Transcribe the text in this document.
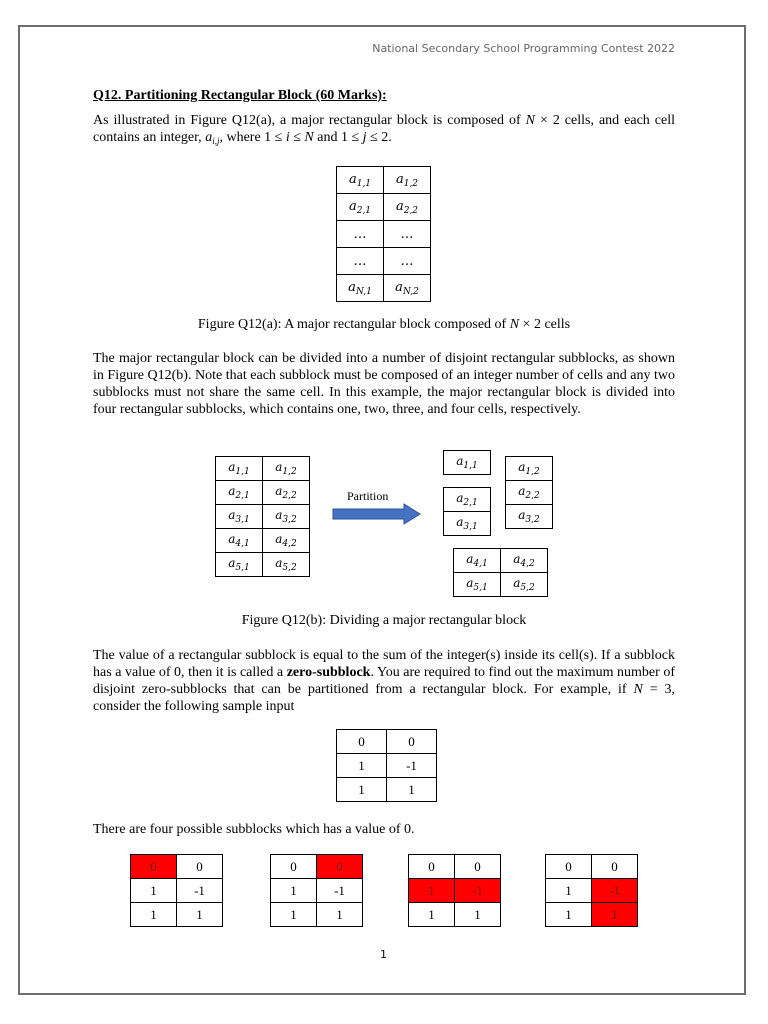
National Secondary School Programming Contest 2022
Q12. Partitioning Rectangular Block (60 Marks):
As illustrated in Figure Q12(a), a major rectangular block is composed of N × 2 cells, and each cell contains an integer, $a_{i,j}$, where 1 ≤ i ≤ N and 1 ≤ j ≤ 2.
$a_{1,1}$	$a_{1,2}$
$a_{2,1}$	$a_{2,2}$
…	…
…	…
$a_{N,1}$	$a_{N,2}$
Figure Q12(a): A major rectangular block composed of N × 2 cells
The major rectangular block can be divided into a number of disjoint rectangular subblocks, as shown in Figure Q12(b). Note that each subblock must be composed of an integer number of cells and any two subblocks must not share the same cell. In this example, the major rectangular block is divided into four rectangular subblocks, which contains one, two, three, and four cells, respectively.
$a_{1,1}$	$a_{1,2}$
$a_{2,1}$	$a_{2,2}$
$a_{3,1}$	$a_{3,2}$
$a_{4,1}$	$a_{4,2}$
$a_{5,1}$	$a_{5,2}$
Partition
$a_{1,1}$
$a_{2,1}$
$a_{3,1}$
$a_{1,2}$
$a_{2,2}$
$a_{3,2}$
$a_{4,1}$	$a_{4,2}$
$a_{5,1}$	$a_{5,2}$
Figure Q12(b): Dividing a major rectangular block
The value of a rectangular subblock is equal to the sum of the integer(s) inside its cell(s). If a subblock has a value of 0, then it is called a zero-subblock. You are required to find out the maximum number of disjoint zero-subblocks that can be partitioned from a rectangular block. For example, if N = 3, consider the following sample input
0	0
1	-1
1	1
There are four possible subblocks which has a value of 0.
0	0
1	-1
1	1
0	0
1	-1
1	1
0	0
1	-1
1	1
0	0
1	-1
1	1
1
